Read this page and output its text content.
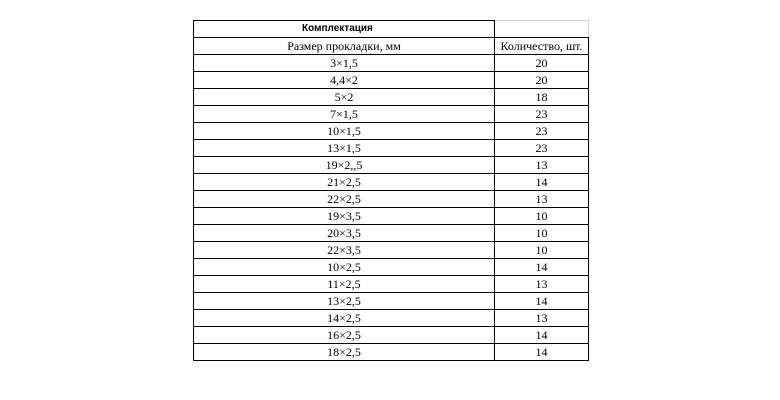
Комплектация	
Размер прокладки, мм	Количество, шт.
3×1,5	20
4,4×2	20
5×2	18
7×1,5	23
10×1,5	23
13×1,5	23
19×2,,5	13
21×2,5	14
22×2,5	13
19×3,5	10
20×3,5	10
22×3,5	10
10×2,5	14
11×2,5	13
13×2,5	14
14×2,5	13
16×2,5	14
18×2,5	14
